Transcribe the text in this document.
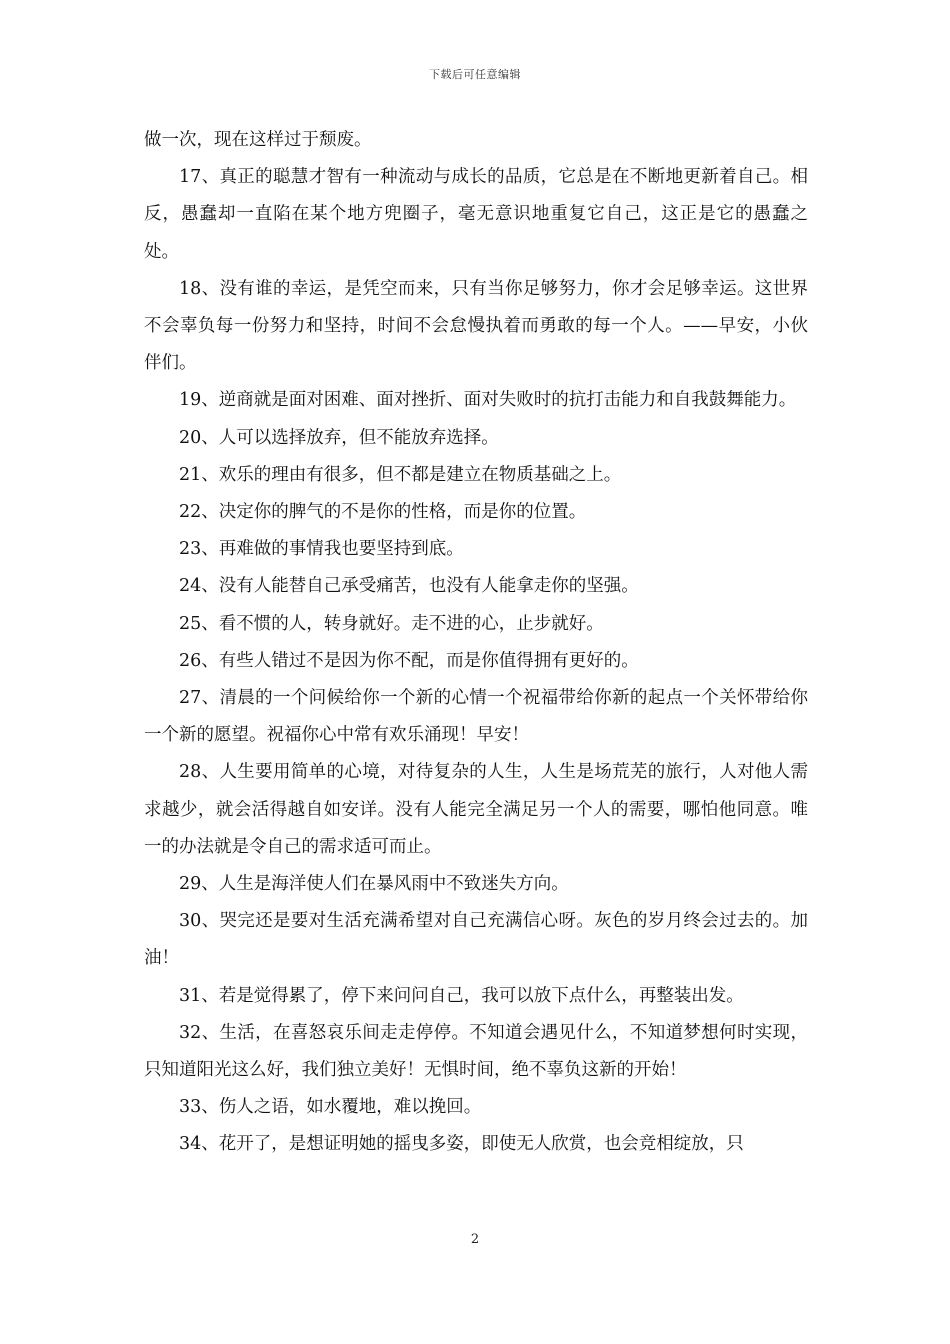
下载后可任意编辑

做一次，现在这样过于颓废。

17、真正的聪慧才智有一种流动与成长的品质，它总是在不断地更新着自己。相反，愚蠢却一直陷在某个地方兜圈子，毫无意识地重复它自己，这正是它的愚蠢之处。

18、没有谁的幸运，是凭空而来，只有当你足够努力，你才会足够幸运。这世界不会辜负每一份努力和坚持，时间不会怠慢执着而勇敢的每一个人。——早安，小伙伴们。

19、逆商就是面对困难、面对挫折、面对失败时的抗打击能力和自我鼓舞能力。

20、人可以选择放弃，但不能放弃选择。

21、欢乐的理由有很多，但不都是建立在物质基础之上。

22、决定你的脾气的不是你的性格，而是你的位置。

23、再难做的事情我也要坚持到底。

24、没有人能替自己承受痛苦，也没有人能拿走你的坚强。

25、看不惯的人，转身就好。走不进的心，止步就好。

26、有些人错过不是因为你不配，而是你值得拥有更好的。

27、清晨的一个问候给你一个新的心情一个祝福带给你新的起点一个关怀带给你一个新的愿望。祝福你心中常有欢乐涌现！早安！

28、人生要用简单的心境，对待复杂的人生，人生是场荒芜的旅行，人对他人需求越少，就会活得越自如安详。没有人能完全满足另一个人的需要，哪怕他同意。唯一的办法就是令自己的需求适可而止。

29、人生是海洋使人们在暴风雨中不致迷失方向。

30、哭完还是要对生活充满希望对自己充满信心呀。灰色的岁月终会过去的。加油！

31、若是觉得累了，停下来问问自己，我可以放下点什么，再整装出发。

32、生活，在喜怒哀乐间走走停停。不知道会遇见什么，不知道梦想何时实现，只知道阳光这么好，我们独立美好！无惧时间，绝不辜负这新的开始！

33、伤人之语，如水覆地，难以挽回。

34、花开了，是想证明她的摇曳多姿，即使无人欣赏，也会竞相绽放，只

2
